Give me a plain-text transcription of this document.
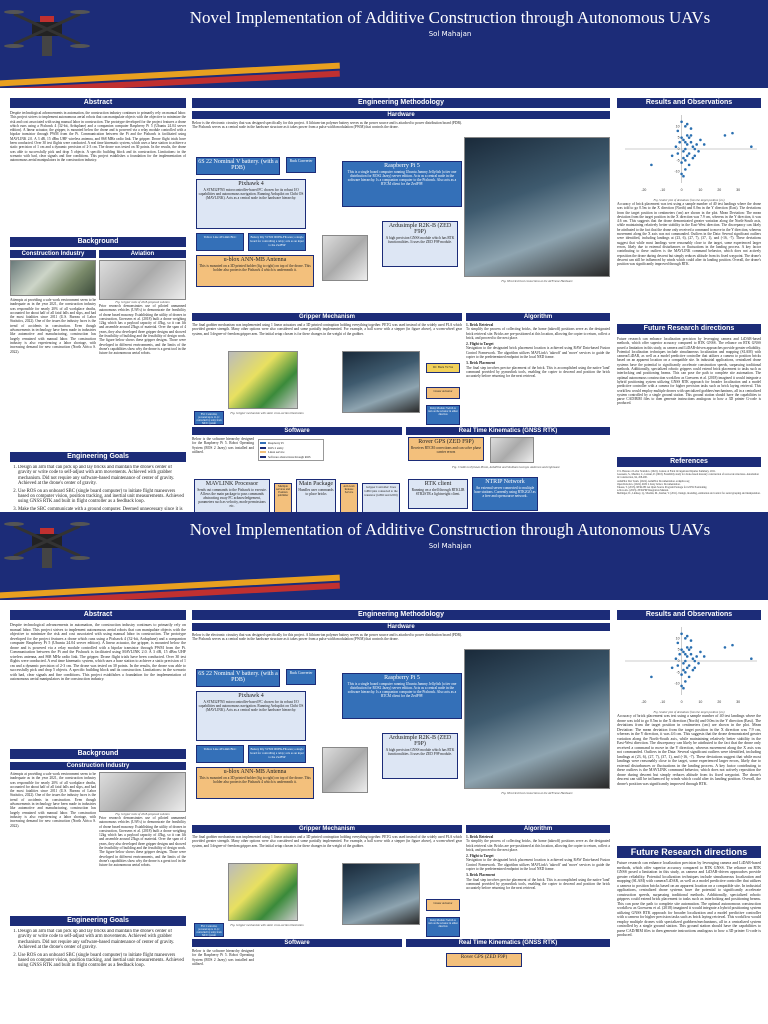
Novel Implementation of Additive Construction through Autonomous UAVs
Sol Mahajan
Abstract
Despite technological advancements in automation, the construction industry continues to primarily rely on manual labor. This project strives to implement autonomous aerial robots that can manipulate objects with the objective to minimize the risk and cost associated with using manual labor in construction. The prototype developed for the project features a drone which runs using a Pixhawk 4 (32-bit, Arduplane) and a companion computer Raspberry Pi 5 (Ubuntu 24.04 server edition). A linear actuator, the gripper, is mounted below the drone and is powered via a relay module controlled with a bipolar transistor through PWM from the Pi. Communication between the Pi and the Pixhawk is facilitated using MAVLINK 2.0. A 3 dB, 15 dBm UHF wireless antenna, and 868 MHz radio link. The gripper. Drone flight trials have been conducted. Over 30 test flights were conducted. A real time kinematic system, which uses a base station to achieve a static precision of 1 cm and a dynamic precision of 2-3 cm. The drone was tested on 30 points. In the results, the drone was able to successfully pick and drop 5 objects. A specific building block and its construction. Limitations: in the scenario with bad, clear signals and fine conditions. This project establishes a foundation for the implementation of autonomous aerial manipulators in the construction industry.
Background
Construction Industry
Attempts at providing a safe work environment seem to be inadequate as in the year 2021, the construction industry was responsible for nearly 20% of all workplace deaths, accounted for about half of all fatal falls and slips, and had the most fatalities since 2011 (U.S. Bureau of Labor Statistics, 2022). One of the issues the industry faces is the trend of accidents in construction. Even though advancements in technology have been made in industries like automotive and manufacturing, construction has largely remained with manual labor. The construction industry is also experiencing a labor shortage, with increasing demand for new construction (North Africa S. 2022).
Aviation
Fig. Gripper tools of 2018-proposed solution
Prior research demonstrates use of piloted unmanned autonomous vehicles (UAVs) to demonstrate the feasibility of drone based masonry. Establishing the utility of drones in construction, Goessens et al. (2018) built a drone weighing 12kg which has a payload capacity of 45kg, so it can lift and assemble around 25kgs of material. Over the span of 4 years, they also developed three gripper designs and showed the feasibility of building and the feasibility of design work. The figure below shows these gripper designs. Those were developed in different environments, and the limits of the drone's capabilities show why the drone is a great tool in the future for autonomous aerial robots.
Engineering Goals
1. Design an arm that can pick up and lay bricks and maintain the drone's center of gravity or write code to self-adjust with arm movements. Achieved with grabber mechanism. Did not require any software-based maintenance of center of gravity. Achieved at the drone's center of gravity.
2. Use ROS on an onboard SBC (single board computer) to initiate flight maneuvers based on computer vision, position tracking, and inertial unit measurements. Achieved using GNSS RTK and built in flight controller as a feedback loop.
3. Make the SBC communicate with a ground computer. Deemed unnecessary since it is
Engineering Methodology
Hardware
Below is the electronic circuitry that was designed specifically for this project. A lithium-ion polymer battery serves as the power source and is attached to power distribution board (PDB). The Pixhawk serves as a central node in the hardware structure as it takes power from a pulse width modulation (PWM) that controls the drone.
6S 22 Nominal V battery. (with a PDB)
Buck Converter
Raspberry Pi 5
This is a single board computer running Ubuntu Jammy Jellyfish (a tier one distribution for ROS2 Jazzy) server edition. Acts as a central node in the software hierarchy. Is a companion computer to the Pixhawk. Also acts as a RTCM client for the ZedF9P.
Pixhawk 4
A STM32F765 microcontroller-based FC chosen for its robust I/O capabilities and autonomous navigation. Running Ardupilot on Chibi OS (MAVLINK). Acts as a central node in the hardware hierarchy.
Yellow Line 433.4mb BLC	Battery Rly 5V500 900Hz-Fibozen; a single board for controlling a relay; acts as an input to the ZedF9P
Ardusimple R2K-B (ZED F9P)
A high precision GNSS module which has RTK functionalities. It uses the ZED F9P module.
u-blox ANN-MB Antenna
This is mounted on a 3D printed holder (fig to right) on top of the drone. This holder also protects the Pixhawk 4 which is underneath it.
Fig. Wire/electrical connections at the AirFrame Hardware
Gripper Mechanism
The final grabber mechanism was implemented using 1 linear actuators and a 3D printed contraption holding everything together. PETG was used instead of the widely used PLA which provided greater strength. Many other options were also considered and some partially implemented. For example, a ball screw with a stepper (in figure above), a worm-wheel gear system, and 3 degree-of-freedom gripper arm. The initial setup chosen is for these changes in the weight of the grabber.
Fig. Gripper mechanism with static cross-section illustration
ESC Controller, powered up to 11.1v controlled by relay from MCU system
DC Buck 5V/5A
Linear Actuator
Relay Module: Switch to turn on the actuator in either direction
Algorithm
1. Brick Retrieval
To simplify the process of collecting bricks, the home (takeoff) positions serve as the designated brick retrieval site. Bricks are pre-positioned at this location, allowing the copter to return, collect a brick, and proceed to the next place.
2. Flight to Target
Navigation to the designated brick placement location is achieved using RAW Data-based Fusion Control Framework. The algorithm utilizes MAVLink's 'takeoff' and 'move' services to guide the copter to the predetermined endpoint in the local NED frame.
3. Brick Placement
The final step involves precise placement of the brick. This is accomplished using the native 'land' command provided by pymavlink tools, enabling the copter to descend and position the brick accurately before returning for the next retrieval.
Software
Below is the software hierarchy designed for the Raspberry Pi 5. Robot Operating System (ROS 2 Jazzy) was installed and utilized.
Raspberry Pi
ROS 2 entity
Linux service
Software abstractions through ROS
MAVLINK Processor
Sends out commands to the Pixhawk to execute. Allows the main package to pass commands abstracting away FC acknowledgement, parameters such as velocity, mode permissions etc.
Multiple services and Position publisher
Main Package
Handles user commands to place bricks
Arm Grab Release Service
Gripper Controller: Uses GPIO pins connected to the transistor (GPIO and GND)
Real Time Kinematics (GNSS RTK)
Rover GPS (ZED F9P)
Receives RTCM corrections and can solve phase carrier errors
Fig. Credits to Pyhawk Pirate, ArduPilot and Shubham Georges Anderson and Lightwave
RTK client
Running on a shell through RTKLIB STR2STR a lightweight client.
NTRIP Network
An external server connected to multiple base stations. Currently using RTK2GO as a free and opensource network.
Results and Observations
-20	-10	0	10	20	30
-10
-5
0
5
10
Fig. Scatter plot of deviations from the target position (cm)
Accuracy of brick placement was test using a sample number of 40 test landings where the drone was told to go 0.5m to the X direction (North) and 0.0m in the Y direction (East). The deviations from the target position in centimeters (cm) are shown in the plot. Mean Deviation: The mean deviation from the target position in the X direction was 7.9 cm, whereas in the Y direction, it was 4.6 cm. This suggests that the drone demonstrated greater variation along the North-South axis, while maintaining relatively better stability in the East-West direction. The discrepancy can likely be attributed to the fact that the drone only received a command to move in the Y direction, whereas movement along the X axis was not commanded. Outliers in the Data: Several significant outliers were identified, including landings at (23, 6), (27, 7), (37, 1), and (-16, -7). These deviations suggest that while most landings were reasonably close to the target, some experienced larger errors, likely due to external disturbances or fluctuations in the landing process. A key factor contributing to these outliers is the MAVLINK command behavior, which does not actively reposition the drone during descent but simply reduces altitude from its fixed waypoint. The drone's descent can still be influenced by winds which could alter its landing position. Overall, the drone's position was significantly improved through RTK.
Future Research directions
Future research can enhance localization precision by leveraging camera and LiDAR-based methods, which offer superior accuracy compared to RTK GNSS. The reliance on RTK GNSS posed a limitation in this study, as camera and LiDAR-driven approaches provide greater reliability. Potential localization techniques include simultaneous localization and mapping (SLAM) with camera/LiDAR, as well as a model predictive controller that utilizes a camera to position bricks based on an apparent location on a compatible site. In industrial applications, centralized drone systems have the potential to significantly accelerate construction speeds, surpassing traditional methods. Additionally, specialized robotic grippers could extend brick placement to tasks such as interlocking and positioning beams. This can pose the path to complete site automation. The optimal autonomous construction workflow as Goessens et al. (2018) imagined it would integrate a hybrid positioning system utilizing GNSS RTK approach for broader localization and a model predictive controller with a camera for higher precision tasks such as brick laying retrieval. This workflow would employ multiple drones with specialized grabbers/mechanisms, all in a centralized system controlled by a single ground station. This ground station should have the capabilities to parse CAD/BIM files to then generate instructions analogous to how a 3D printer G-code is produced.
References
U.S. Bureau of Labor Statistics. (2022). Census of Fatal Occupational Injuries Summary, 2021.
Goessens, S., Mueller, C., Latteur, P. (2018). Feasibility study for drone-based masonry construction of real-scale structures. Automation in Construction, 94, 458-480.
ArduPilot Dev Team. (2024). ArduPilot Documentation. ardupilot.org
Open Robotics. (2024). ROS 2 Jazzy Jalisco Documentation.
Takasu, T. (2013). RTKLIB: An Open Source Program Package for GNSS Positioning.
u-blox AG. (2023). ZED-F9P Integration Manual.
Mellinger, D., Lindsey, Q., Shomin, M., Kumar, V. (2011). Design, modeling, estimation and control for aerial grasping and manipulation.
Novel Implementation of Additive Construction through Autonomous UAVs
Sol Mahajan
Abstract
Despite technological advancements in automation, the construction industry continues to primarily rely on manual labor. This project strives to implement autonomous aerial robots that can manipulate objects with the objective to minimize the risk and cost associated with using manual labor in construction. The prototype developed for the project features a drone which runs using a Pixhawk 4 (32-bit, Arduplane) and a companion computer Raspberry Pi 5 (Ubuntu 24.04 server edition). A linear actuator, the gripper, is mounted below the drone and is powered via a relay module controlled with a bipolar transistor through PWM from the Pi. Communication between the Pi and the Pixhawk is facilitated using MAVLINK 2.0. A 3 dB, 15 dBm UHF wireless antenna, and 868 MHz radio link. The gripper. Drone flight trials have been conducted. Over 30 test flights were conducted. A real time kinematic system, which uses a base station to achieve a static precision of 1 cm and a dynamic precision of 2-3 cm. The drone was tested on 30 points. In the results, the drone was able to successfully pick and drop 5 objects. A specific building block and its construction. Limitations: in the scenario with bad, clear signals and fine conditions. This project establishes a foundation for the implementation of autonomous aerial manipulators in the construction industry.
Background
Construction Industry
Attempts at providing a safe work environment seem to be inadequate as in the year 2021, the construction industry was responsible for nearly 20% of all workplace deaths, accounted for about half of all fatal falls and slips, and had the most fatalities since 2011 (U.S. Bureau of Labor Statistics, 2022). One of the issues the industry faces is the trend of accidents in construction. Even though advancements in technology have been made in industries like automotive and manufacturing, construction has largely remained with manual labor. The construction industry is also experiencing a labor shortage, with increasing demand for new construction (North Africa S. 2022).
Fig. Gripper tools of 2018-proposed solution
Prior research demonstrates use of piloted unmanned autonomous vehicles (UAVs) to demonstrate the feasibility of drone based masonry. Establishing the utility of drones in construction, Goessens et al. (2018) built a drone weighing 12kg which has a payload capacity of 45kg, so it can lift and assemble around 25kgs of material. Over the span of 4 years, they also developed three gripper designs and showed the feasibility of building and the feasibility of design work. The figure below shows these gripper designs. Those were developed in different environments, and the limits of the drone's capabilities show why the drone is a great tool in the future for autonomous aerial robots.
Engineering Goals
1. Design an arm that can pick up and lay bricks and maintain the drone's center of gravity or write code to self-adjust with arm movements. Achieved with grabber mechanism. Did not require any software-based maintenance of center of gravity. Achieved at the drone's center of gravity.
2. Use ROS on an onboard SBC (single board computer) to initiate flight maneuvers based on computer vision, position tracking, and inertial unit measurements. Achieved using GNSS RTK and built in flight controller as a feedback loop.
Engineering Methodology
Hardware
Below is the electronic circuitry that was designed specifically for this project. A lithium-ion polymer battery serves as the power source and is attached to power distribution board (PDB). The Pixhawk serves as a central node in the hardware structure as it takes power from a pulse width modulation (PWM) that controls the drone.
6S 22 Nominal V battery. (with a PDB)
Buck Converter
Raspberry Pi 5
This is a single board computer running Ubuntu Jammy Jellyfish (a tier one distribution for ROS2 Jazzy) server edition. Acts as a central node in the software hierarchy. Is a companion computer to the Pixhawk. Also acts as a RTCM client for the ZedF9P.
Pixhawk 4
A STM32F765 microcontroller-based FC chosen for its robust I/O capabilities and autonomous navigation. Running Ardupilot on Chibi OS (MAVLINK). Acts as a central node in the hardware hierarchy.
Yellow Line 433.4mb BLC	Battery Rly 5V500 900Hz-Fibozen; a single board for controlling a relay; acts as an input to the ZedF9P
Ardusimple R2K-B (ZED F9P)
A high precision GNSS module which has RTK functionalities. It uses the ZED F9P module.
u-blox ANN-MB Antenna
This is mounted on a 3D printed holder (fig to right) on top of the drone. This holder also protects the Pixhawk 4 which is underneath it.
Fig. Wire/electrical connections at the AirFrame Hardware
Gripper Mechanism
The final grabber mechanism was implemented using 1 linear actuators and a 3D printed contraption holding everything together. PETG was used instead of the widely used PLA which provided greater strength. Many other options were also considered and some partially implemented. For example, a ball screw with a stepper (in figure above), a worm-wheel gear system, and 3 degree-of-freedom gripper arm. The initial setup chosen is for these changes in the weight of the grabber.
Fig. Gripper mechanism with static cross-section illustration
ESC Controller, powered up to 11.1v controlled by relay from MCU system
Linear Actuator
Relay Module: Switch to turn on the actuator in either direction
Algorithm
1. Brick Retrieval
To simplify the process of collecting bricks, the home (takeoff) positions serve as the designated brick retrieval site. Bricks are pre-positioned at this location, allowing the copter to return, collect a brick, and proceed to the next place.
2. Flight to Target
Navigation to the designated brick placement location is achieved using RAW Data-based Fusion Control Framework. The algorithm utilizes MAVLink's 'takeoff' and 'move' services to guide the copter to the predetermined endpoint in the local NED frame.
3. Brick Placement
The final step involves precise placement of the brick. This is accomplished using the native 'land' command provided by pymavlink tools, enabling the copter to descend and position the brick accurately before returning for the next retrieval.
Software
Below is the software hierarchy designed for the Raspberry Pi 5. Robot Operating System (ROS 2 Jazzy) was installed and utilized.
Real Time Kinematics (GNSS RTK)
Rover GPS (ZED F9P)
Results and Observations
-20	-10	0	10	20	30
-10
-5
0
5
10
Fig. Scatter plot of deviations from the target position (cm)
Accuracy of brick placement was test using a sample number of 40 test landings where the drone was told to go 0.5m to the X direction (North) and 0.0m in the Y direction (East). The deviations from the target position in centimeters (cm) are shown in the plot. Mean Deviation: The mean deviation from the target position in the X direction was 7.9 cm, whereas in the Y direction, it was 4.6 cm. This suggests that the drone demonstrated greater variation along the North-South axis, while maintaining relatively better stability in the East-West direction. The discrepancy can likely be attributed to the fact that the drone only received a command to move in the Y direction, whereas movement along the X axis was not commanded. Outliers in the Data: Several significant outliers were identified, including landings at (23, 6), (27, 7), (37, 1), and (-16, -7). These deviations suggest that while most landings were reasonably close to the target, some experienced larger errors, likely due to external disturbances or fluctuations in the landing process. A key factor contributing to these outliers is the MAVLINK command behavior, which does not actively reposition the drone during descent but simply reduces altitude from its fixed waypoint. The drone's descent can still be influenced by winds which could alter its landing position. Overall, the drone's position was significantly improved through RTK.
Future Research directions
Future research can enhance localization precision by leveraging camera and LiDAR-based methods, which offer superior accuracy compared to RTK GNSS. The reliance on RTK GNSS posed a limitation in this study, as camera and LiDAR-driven approaches provide greater reliability. Potential localization techniques include simultaneous localization and mapping (SLAM) with camera/LiDAR, as well as a model predictive controller that utilizes a camera to position bricks based on an apparent location on a compatible site. In industrial applications, centralized drone systems have the potential to significantly accelerate construction speeds, surpassing traditional methods. Additionally, specialized robotic grippers could extend brick placement to tasks such as interlocking and positioning beams. This can pose the path to complete site automation. The optimal autonomous construction workflow as Goessens et al. (2018) imagined it would integrate a hybrid positioning system utilizing GNSS RTK approach for broader localization and a model predictive controller with a camera for higher precision tasks such as brick laying retrieval. This workflow would employ multiple drones with specialized grabbers/mechanisms, all in a centralized system controlled by a single ground station. This ground station should have the capabilities to parse CAD/BIM files to then generate instructions analogous to how a 3D printer G-code is produced.
